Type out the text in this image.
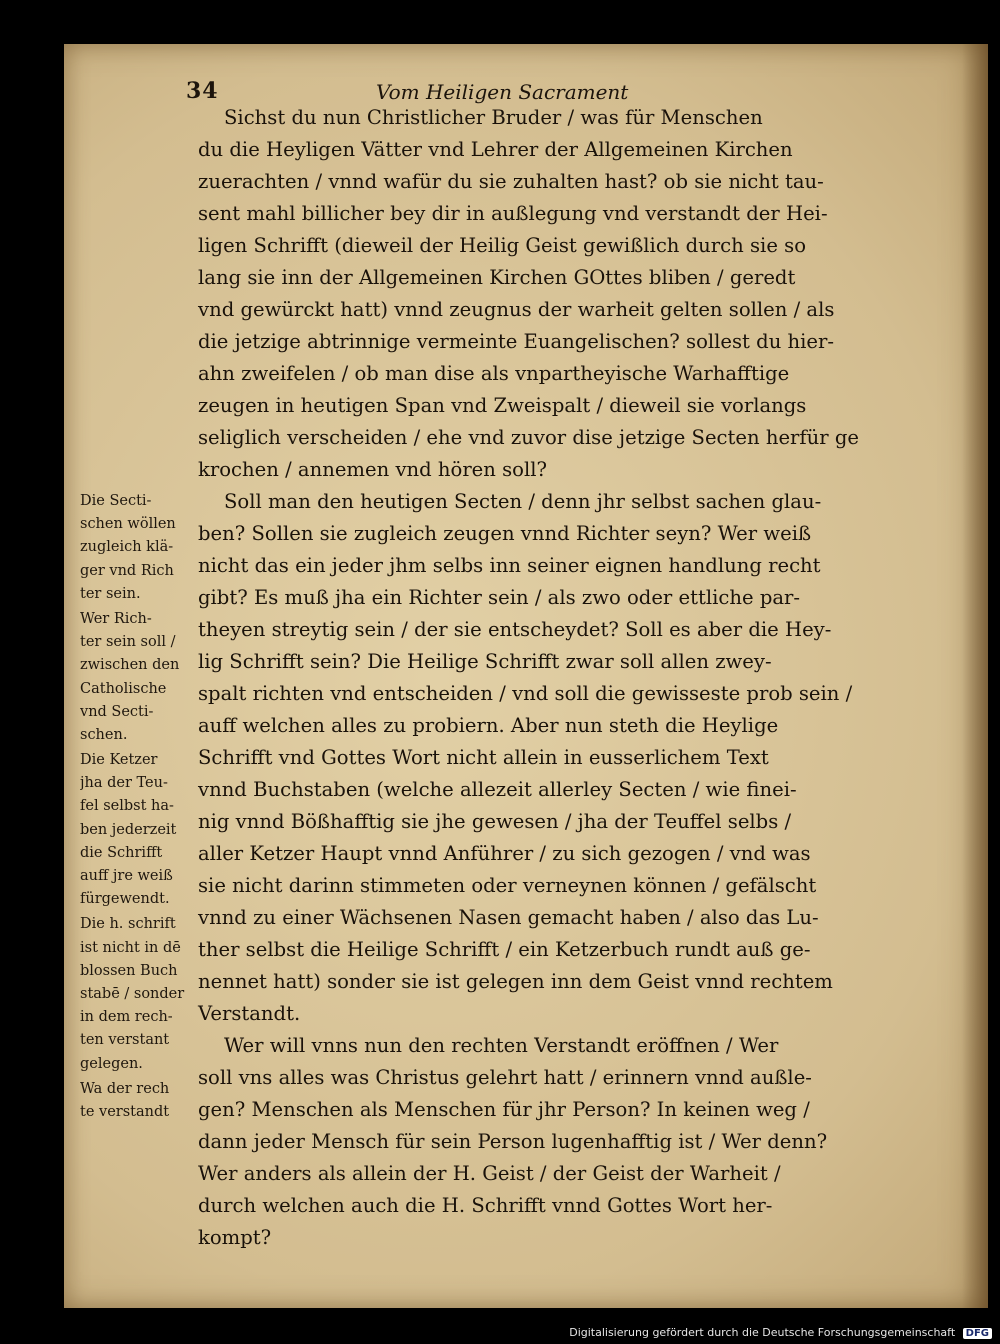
34	Vom Heiligen Sacrament
Sichst du nun Christlicher Bruder / was für Menschen
du die Heyligen Vätter vnd Lehrer der Allgemeinen Kirchen
zuerachten / vnnd wafür du sie zuhalten hast? ob sie nicht tau-
sent mahl billicher bey dir in außlegung vnd verstandt der Hei-
ligen Schrifft (dieweil der Heilig Geist gewißlich durch sie so
lang sie inn der Allgemeinen Kirchen GOttes bliben / geredt
vnd gewürckt hatt) vnnd zeugnus der warheit gelten sollen / als
die jetzige abtrinnige vermeinte Euangelischen? sollest du hier-
ahn zweifelen / ob man dise als vnpartheyische Warhafftige
zeugen in heutigen Span vnd Zweispalt / dieweil sie vorlangs
seliglich verscheiden / ehe vnd zuvor dise jetzige Secten herfür ge
krochen / annemen vnd hören soll?
Soll man den heutigen Secten / denn jhr selbst sachen glau-
ben? Sollen sie zugleich zeugen vnnd Richter seyn? Wer weiß
nicht das ein jeder jhm selbs inn seiner eignen handlung recht
gibt? Es muß jha ein Richter sein / als zwo oder ettliche par-
theyen streytig sein / der sie entscheydet? Soll es aber die Hey-
lig Schrifft sein? Die Heilige Schrifft zwar soll allen zwey-
spalt richten vnd entscheiden / vnd soll die gewisseste prob sein /
auff welchen alles zu probiern. Aber nun steth die Heylige
Schrifft vnd Gottes Wort nicht allein in eusserlichem Text
vnnd Buchstaben (welche allezeit allerley Secten / wie finei-
nig vnnd Bößhafftig sie jhe gewesen / jha der Teuffel selbs /
aller Ketzer Haupt vnnd Anführer / zu sich gezogen / vnd was
sie nicht darinn stimmeten oder verneynen können / gefälscht
vnnd zu einer Wächsenen Nasen gemacht haben / also das Lu-
ther selbst die Heilige Schrifft / ein Ketzerbuch rundt auß ge-
nennet hatt) sonder sie ist gelegen inn dem Geist vnnd rechtem
Verstandt.
Wer will vnns nun den rechten Verstandt eröffnen / Wer
soll vns alles was Christus gelehrt hatt / erinnern vnnd außle-
gen? Menschen als Menschen für jhr Person? In keinen weg /
dann jeder Mensch für sein Person lugenhafftig ist / Wer denn?
Wer anders als allein der H. Geist / der Geist der Warheit /
durch welchen auch die H. Schrifft vnnd Gottes Wort her-
kompt?
Die Secti-
schen wöllen
zugleich klä-
ger vnd Rich
ter sein.
Wer Rich-
ter sein soll /
zwischen den
Catholische
vnd Secti-
schen.
Die Ketzer
jha der Teu-
fel selbst ha-
ben jederzeit
die Schrifft
auff jre weiß
fürgewendt.
Die h. schrift
ist nicht in dē
blossen Buch
stabē / sonder
in dem rech-
ten verstant
gelegen.
Wa der rech
te verstandt
Digitalisierung gefördert durch die Deutsche Forschungsgemeinschaft DFG
